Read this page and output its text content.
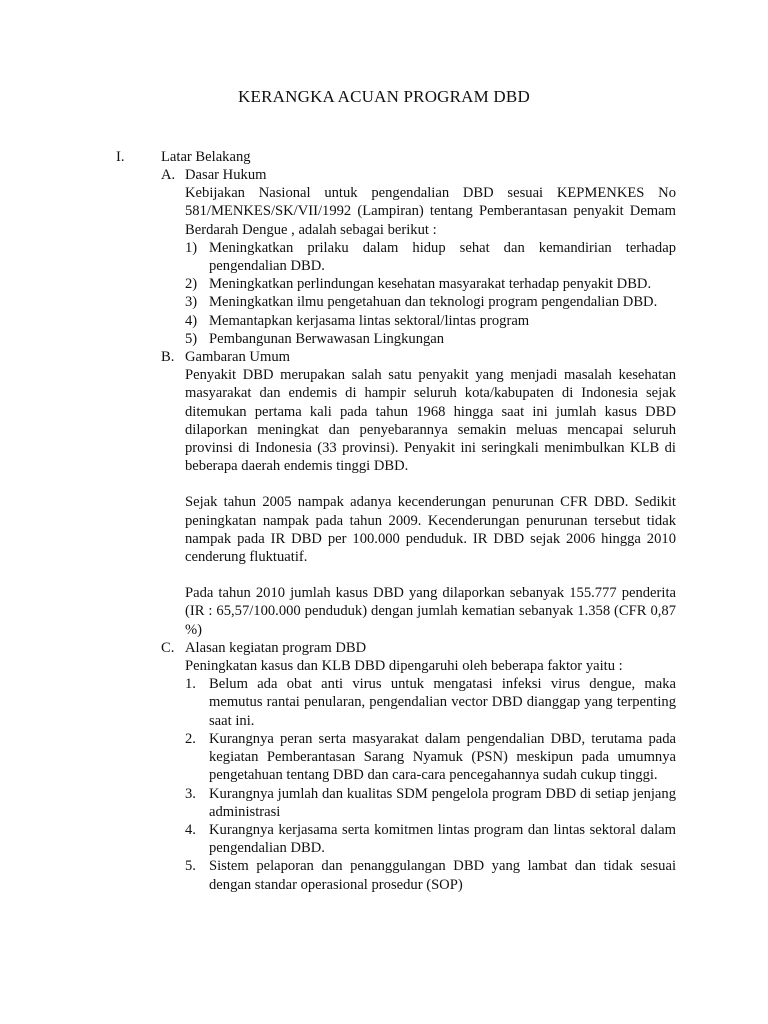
KERANGKA ACUAN PROGRAM DBD
I. Latar Belakang
A. Dasar Hukum

Kebijakan Nasional untuk pengendalian DBD sesuai KEPMENKES No 581/MENKES/SK/VII/1992 (Lampiran) tentang Pemberantasan penyakit Demam Berdarah Dengue , adalah sebagai berikut :

1) Meningkatkan prilaku dalam hidup sehat dan kemandirian terhadap pengendalian DBD.
2) Meningkatkan perlindungan kesehatan masyarakat terhadap penyakit DBD.
3) Meningkatkan ilmu pengetahuan dan teknologi program pengendalian DBD.
4) Memantapkan kerjasama lintas sektoral/lintas program
5) Pembangunan Berwawasan Lingkungan
B. Gambaran Umum

Penyakit DBD merupakan salah satu penyakit yang menjadi masalah kesehatan masyarakat dan endemis di hampir seluruh kota/kabupaten di Indonesia sejak ditemukan pertama kali pada tahun 1968 hingga saat ini jumlah kasus DBD dilaporkan meningkat dan penyebarannya semakin meluas mencapai seluruh provinsi di Indonesia (33 provinsi). Penyakit ini seringkali menimbulkan KLB di beberapa daerah endemis tinggi DBD.

Sejak tahun 2005 nampak adanya kecenderungan penurunan CFR DBD. Sedikit peningkatan nampak pada tahun 2009. Kecenderungan penurunan tersebut tidak nampak pada IR DBD per 100.000 penduduk. IR DBD sejak 2006 hingga 2010 cenderung fluktuatif.

Pada tahun 2010 jumlah kasus DBD yang dilaporkan sebanyak 155.777 penderita (IR : 65,57/100.000 penduduk) dengan jumlah kematian sebanyak 1.358 (CFR 0,87 %)

C. Alasan kegiatan program DBD

Peningkatan kasus dan KLB DBD dipengaruhi oleh beberapa faktor yaitu :

1. Belum ada obat anti virus untuk mengatasi infeksi virus dengue, maka memutus rantai penularan, pengendalian vector DBD dianggap yang terpenting saat ini.
2. Kurangnya peran serta masyarakat dalam pengendalian DBD, terutama pada kegiatan Pemberantasan Sarang Nyamuk (PSN) meskipun pada umumnya pengetahuan tentang DBD dan cara-cara pencegahannya sudah cukup tinggi.
3. Kurangnya jumlah dan kualitas SDM pengelola program DBD di setiap jenjang administrasi
4. Kurangnya kerjasama serta komitmen lintas program dan lintas sektoral dalam pengendalian DBD.
5. Sistem pelaporan dan penanggulangan DBD yang lambat dan tidak sesuai dengan standar operasional prosedur (SOP)
